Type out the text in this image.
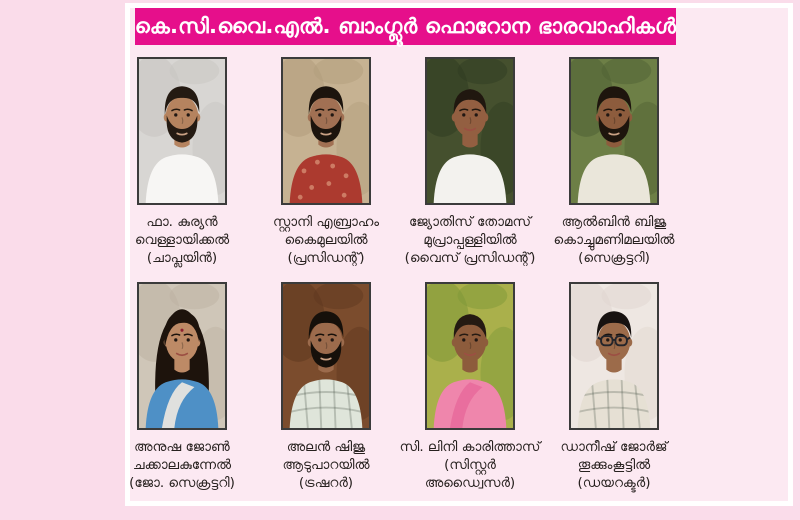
കെ.സി.വൈ.എൽ. ബാംഗ്ലൂർ ഫൊറോന ഭാരവാഹികൾ
ഫാ. കുര്യൻ
വെള്ളായിക്കൽ
(ചാപ്ലയിൻ)
സ്റ്റാനി എബ്രാഹം
കൈമുലയിൽ
(പ്രസിഡന്റ്)
ജ്യോതിസ് തോമസ്
മുപ്രാപ്പള്ളിയിൽ
(വൈസ് പ്രസിഡന്റ്)
ആൽബിൻ ബിജു
കൊച്ചുമണിമലയിൽ
(സെക്രട്ടറി)
അനുഷ ജോൺ
ചക്കാലകുന്നേൽ
(ജോ. സെക്രട്ടറി)
അലൻ ഷിജു
ആടുപാറയിൽ
(ട്രഷറർ)
സി. ലിനി കാരിത്താസ്
(സിസ്റ്റർ അഡ്വൈസർ)
ഡാനീഷ് ജോർജ്
തൂക്കുംകൂട്ടിൽ
(ഡയറക്ടർ)
